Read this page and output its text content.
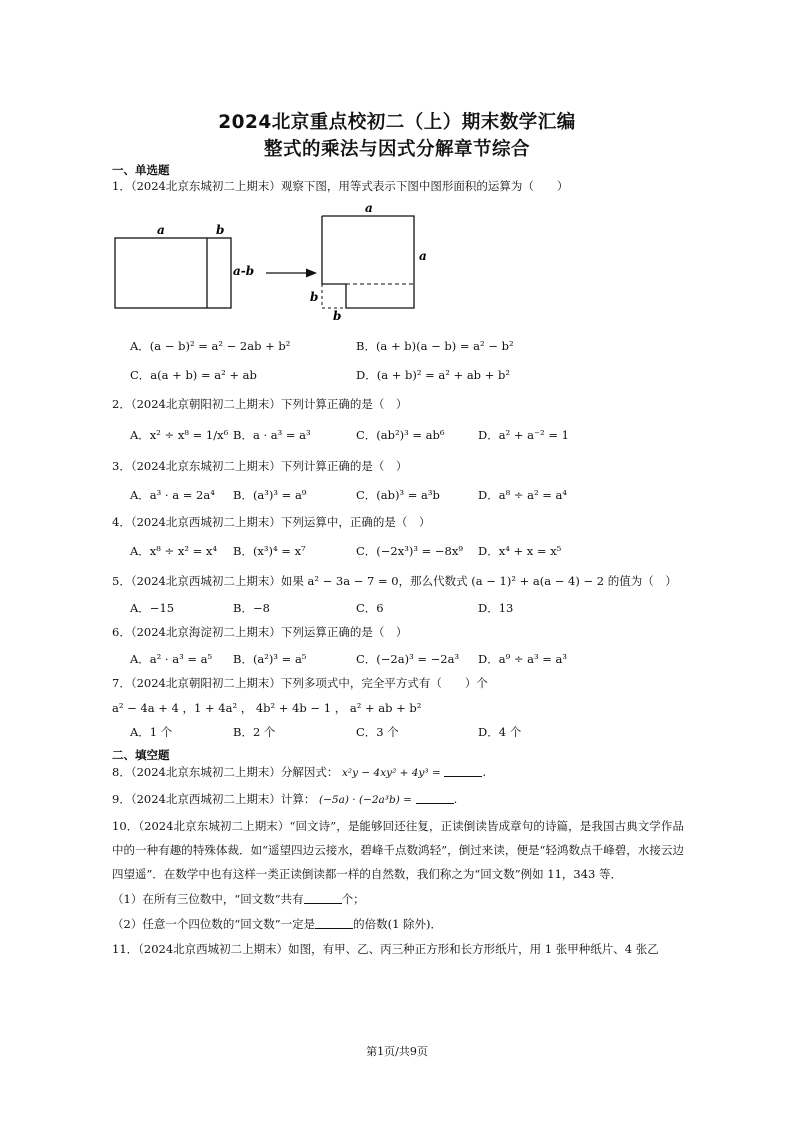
2024北京重点校初二（上）期末数学汇编
整式的乘法与因式分解章节综合
一、单选题
1．（2024北京东城初二上期末）观察下图，用等式表示下图中图形面积的运算为（　　）
a	b
a-b
a
a
b
b
A．(a − b)² = a² − 2ab + b²	B．(a + b)(a − b) = a² − b²
C．a(a + b) = a² + ab	D．(a + b)² = a² + ab + b²
2．（2024北京朝阳初二上期末）下列计算正确的是（　）
A．x² ÷ x⁸ = 1/x⁶ B．a · a³ = a³	C．(ab²)³ = ab⁶	D．a² + a⁻² = 1
3．（2024北京东城初二上期末）下列计算正确的是（　）
A．a³ · a = 2a⁴ B．(a³)³ = a⁹	C．(ab)³ = a³b	D．a⁸ ÷ a² = a⁴
4．（2024北京西城初二上期末）下列运算中，正确的是（　）
A．x⁸ ÷ x² = x⁴ B．(x³)⁴ = x⁷	C．(−2x³)³ = −8x⁹ D．x⁴ + x = x⁵
5．（2024北京西城初二上期末）如果 a² − 3a − 7 = 0，那么代数式 (a − 1)² + a(a − 4) − 2 的值为（　）
A．−15	B．−8	C．6	D．13
6．（2024北京海淀初二上期末）下列运算正确的是（　）
A．a² · a³ = a⁵ B．(a²)³ = a⁵	C．(−2a)³ = −2a³ D．a⁹ ÷ a³ = a³
7．（2024北京朝阳初二上期末）下列多项式中，完全平方式有（　　）个
a² − 4a + 4 ，1 + 4a² ， 4b² + 4b − 1 ， a² + ab + b²
A．1 个	B．2 个	C．3 个	D．4 个
二、填空题
8．（2024北京东城初二上期末）分解因式： x²y − 4xy² + 4y³ =	.
9．（2024北京西城初二上期末）计算： (−5a) · (−2a³b) =	.
10．（2024北京东城初二上期末）“回文诗”，是能够回还往复，正读倒读皆成章句的诗篇，是我国古典文学作品中的一种有趣的特殊体裁．如“遥望四边云接水，碧峰千点数鸿轻”，倒过来读，便是“轻鸿数点千峰碧，水接云边四望遥”．在数学中也有这样一类正读倒读都一样的自然数，我们称之为“回文数”例如 11，343 等．
（1）在所有三位数中，“回文数”共有	个；
（2）任意一个四位数的“回文数”一定是	的倍数(1 除外)．
11．（2024北京西城初二上期末）如图，有甲、乙、丙三种正方形和长方形纸片，用 1 张甲种纸片、4 张乙
第1页/共9页
